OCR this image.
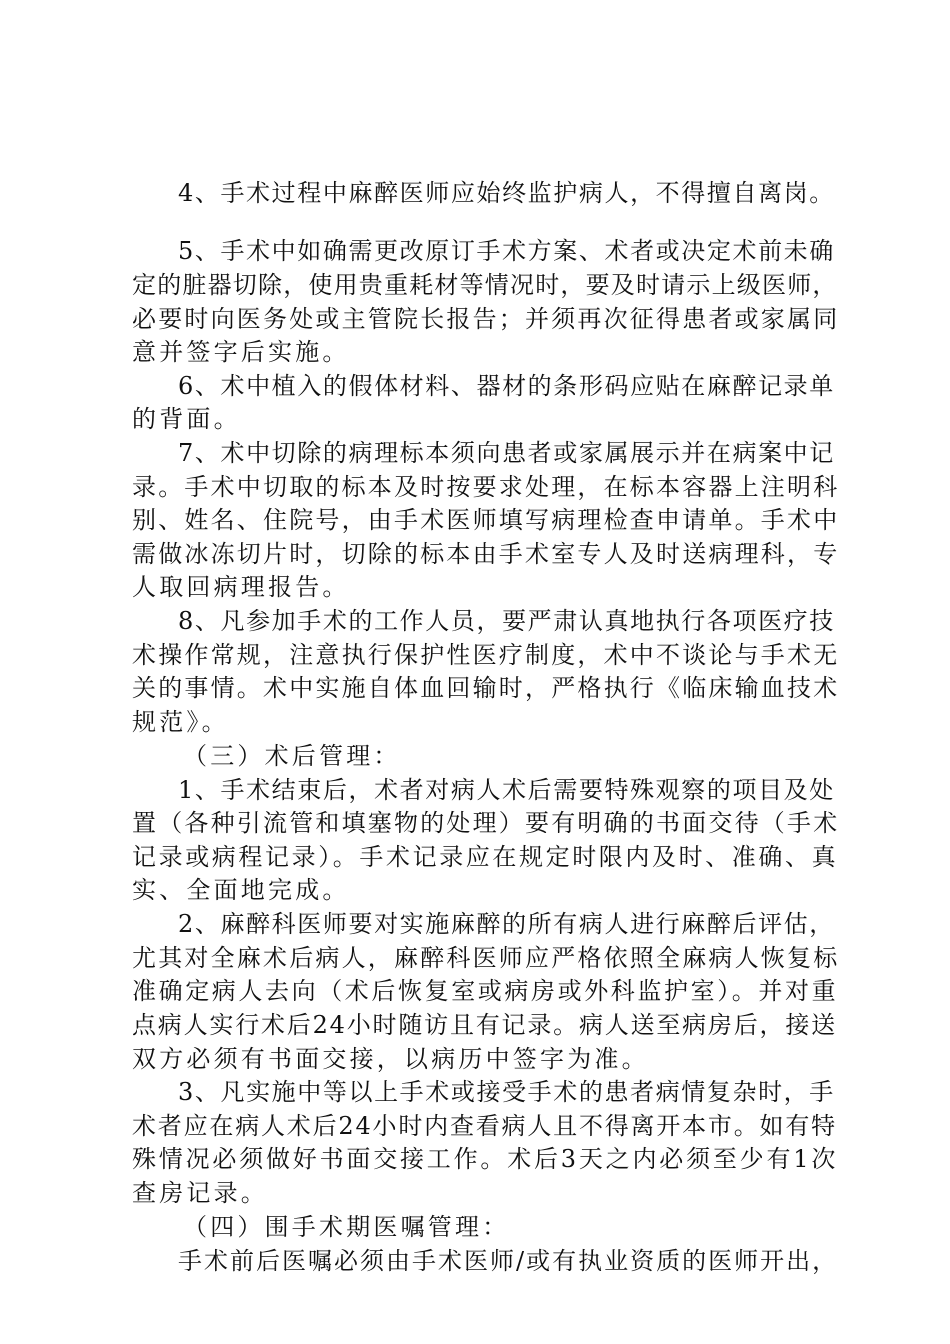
4、手术过程中麻醉医师应始终监护病人，不得擅自离岗。
5、手术中如确需更改原订手术方案、术者或决定术前未确
定的脏器切除，使用贵重耗材等情况时，要及时请示上级医师，
必要时向医务处或主管院长报告；并须再次征得患者或家属同
意并签字后实施。
6、术中植入的假体材料、器材的条形码应贴在麻醉记录单
的背面。
7、术中切除的病理标本须向患者或家属展示并在病案中记
录。手术中切取的标本及时按要求处理，在标本容器上注明科
别、姓名、住院号，由手术医师填写病理检查申请单。手术中
需做冰冻切片时，切除的标本由手术室专人及时送病理科，专
人取回病理报告。
8、凡参加手术的工作人员，要严肃认真地执行各项医疗技
术操作常规，注意执行保护性医疗制度，术中不谈论与手术无
关的事情。术中实施自体血回输时，严格执行《临床输血技术
规范》。
（三）术后管理：
1、手术结束后，术者对病人术后需要特殊观察的项目及处
置（各种引流管和填塞物的处理）要有明确的书面交待（手术
记录或病程记录）。手术记录应在规定时限内及时、准确、真
实、全面地完成。
2、麻醉科医师要对实施麻醉的所有病人进行麻醉后评估，
尤其对全麻术后病人，麻醉科医师应严格依照全麻病人恢复标
准确定病人去向（术后恢复室或病房或外科监护室）。并对重
点病人实行术后24小时随访且有记录。病人送至病房后，接送
双方必须有书面交接，以病历中签字为准。
3、凡实施中等以上手术或接受手术的患者病情复杂时，手
术者应在病人术后24小时内查看病人且不得离开本市。如有特
殊情况必须做好书面交接工作。术后3天之内必须至少有1次
查房记录。
（四）围手术期医嘱管理：
手术前后医嘱必须由手术医师/或有执业资质的医师开出，
